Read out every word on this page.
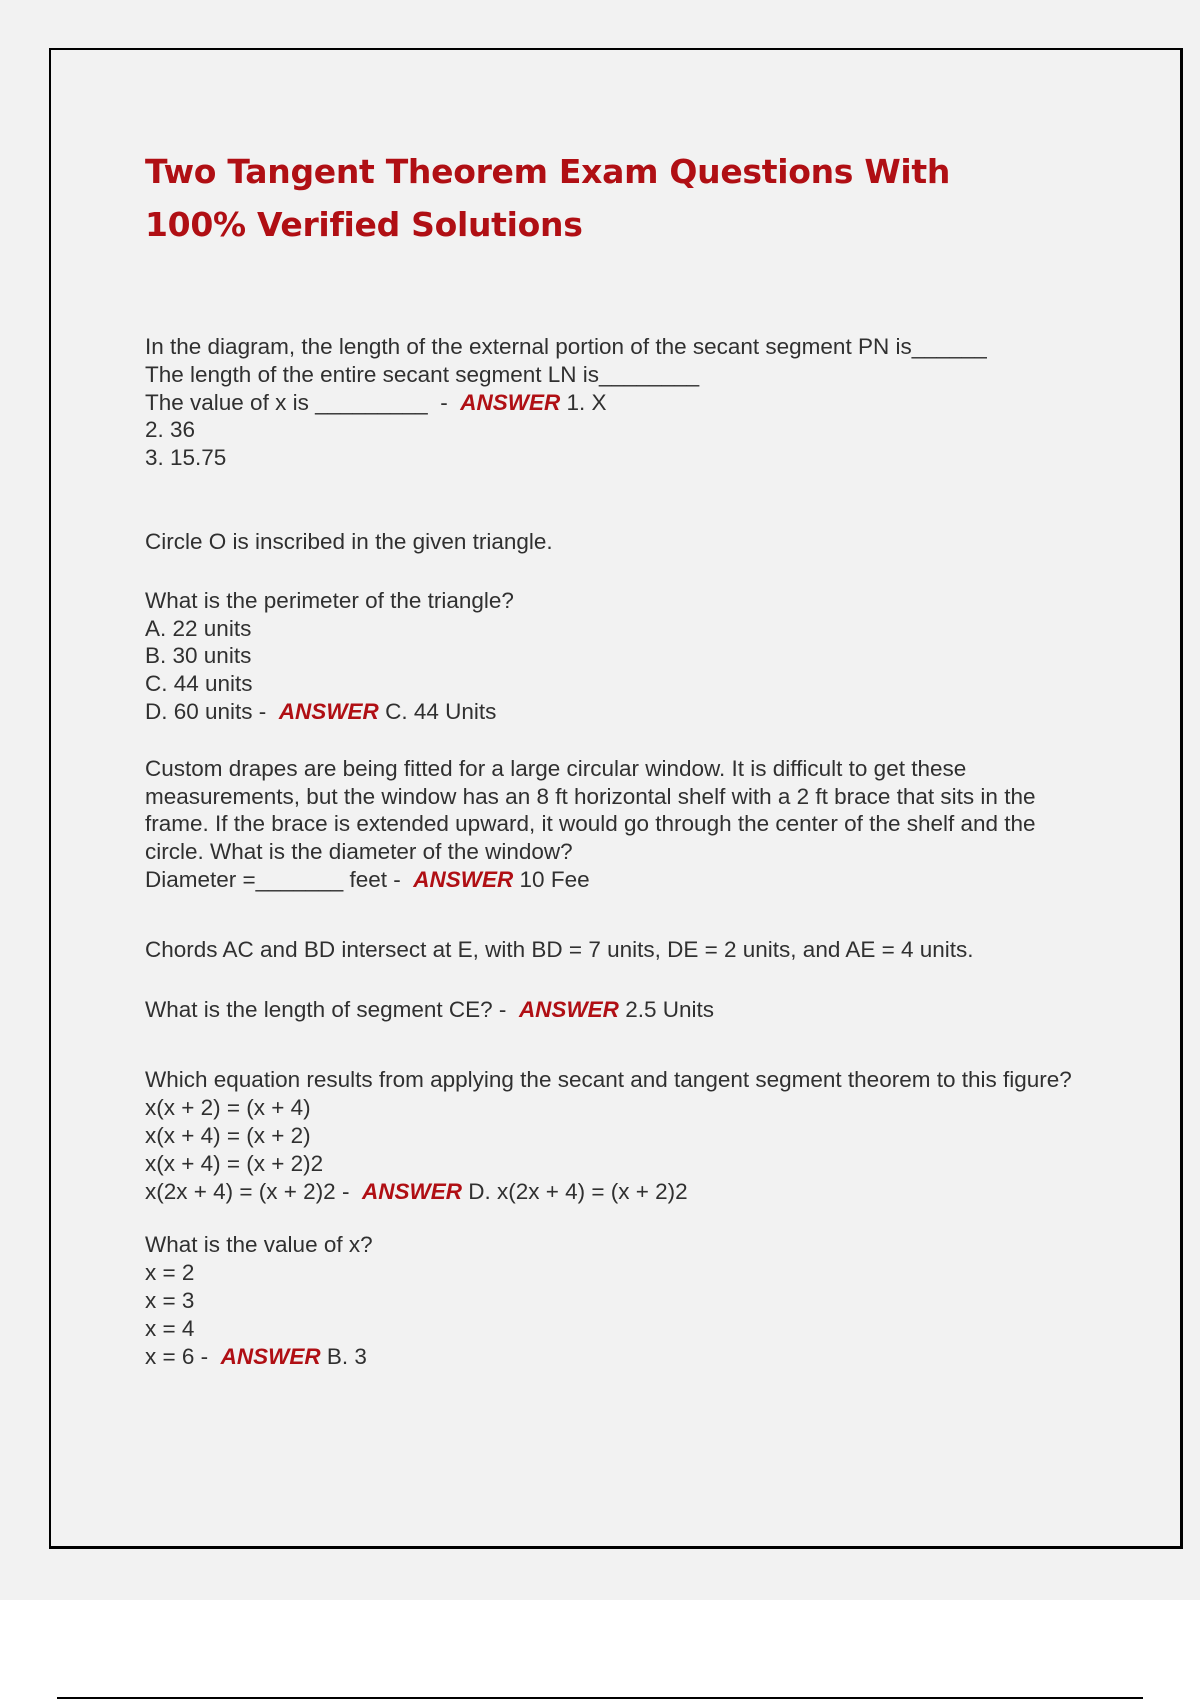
Two Tangent Theorem Exam Questions With 100% Verified Solutions

In the diagram, the length of the external portion of the secant segment PN is______

The length of the entire secant segment LN is________

The value of x is _________  -  ANSWER 1. X

2. 36

3. 15.75

Circle O is inscribed in the given triangle.

What is the perimeter of the triangle?

A. 22 units

B. 30 units

C. 44 units

D. 60 units -  ANSWER C. 44 Units

Custom drapes are being fitted for a large circular window. It is difficult to get these measurements, but the window has an 8 ft horizontal shelf with a 2 ft brace that sits in the frame. If the brace is extended upward, it would go through the center of the shelf and the circle. What is the diameter of the window?

Diameter =_______ feet -  ANSWER 10 Fee

Chords AC and BD intersect at E, with BD = 7 units, DE = 2 units, and AE = 4 units.

What is the length of segment CE? -  ANSWER 2.5 Units

Which equation results from applying the secant and tangent segment theorem to this figure?

x(x + 2) = (x + 4)

x(x + 4) = (x + 2)

x(x + 4) = (x + 2)2

x(2x + 4) = (x + 2)2 -  ANSWER D. x(2x + 4) = (x + 2)2

What is the value of x?

x = 2

x = 3

x = 4

x = 6 -  ANSWER B. 3
